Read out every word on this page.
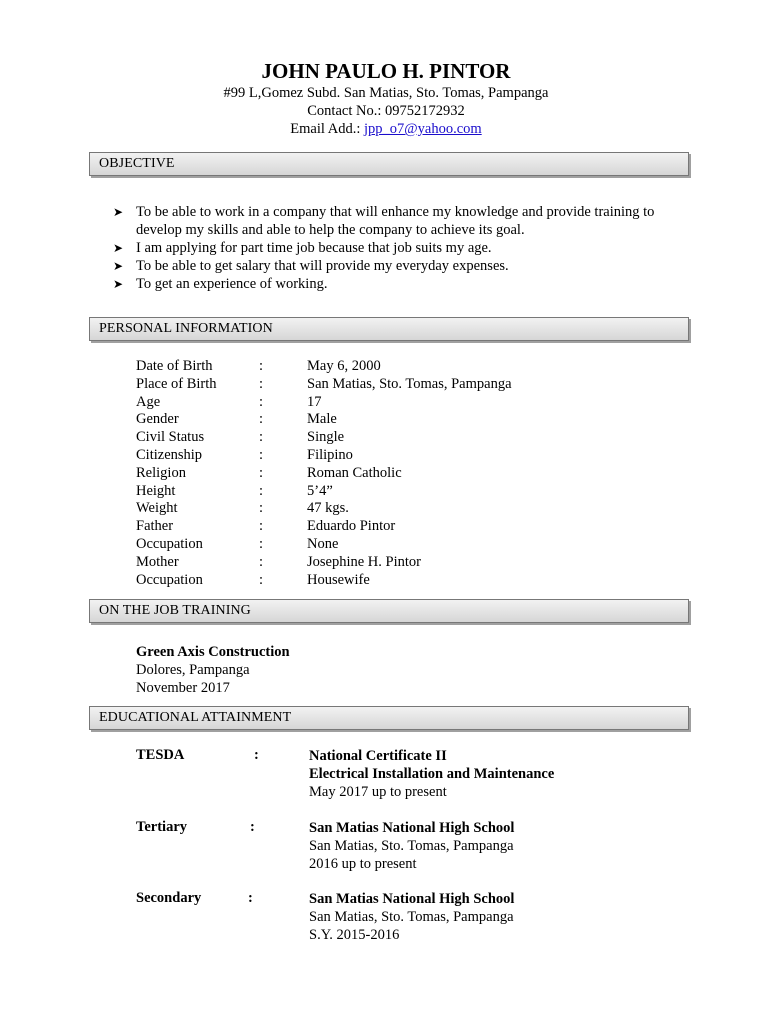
JOHN PAULO H. PINTOR
#99 L,Gomez Subd. San Matias, Sto. Tomas, Pampanga
Contact No.: 09752172932
Email Add.: jpp_o7@yahoo.com
OBJECTIVE
➤ To be able to work in a company that will enhance my knowledge and provide training to develop my skills and able to help the company to achieve its goal.
➤ I am applying for part time job because that job suits my age.
➤ To be able to get salary that will provide my everyday expenses.
➤ To get an experience of working.
PERSONAL INFORMATION
Date of Birth	:	May 6, 2000
Place of Birth	:	San Matias, Sto. Tomas, Pampanga
Age	:	17
Gender	:	Male
Civil Status	:	Single
Citizenship	:	Filipino
Religion	:	Roman Catholic
Height	:	5’4”
Weight	:	47 kgs.
Father	:	Eduardo Pintor
Occupation	:	None
Mother	:	Josephine H. Pintor
Occupation	:	Housewife
ON THE JOB TRAINING
Green Axis Construction
Dolores, Pampanga
November 2017
EDUCATIONAL ATTAINMENT
TESDA	:	National Certificate II
Electrical Installation and Maintenance
May 2017 up to present
Tertiary	:	San Matias National High School
San Matias, Sto. Tomas, Pampanga
2016 up to present
Secondary	:	San Matias National High School
San Matias, Sto. Tomas, Pampanga
S.Y. 2015-2016
